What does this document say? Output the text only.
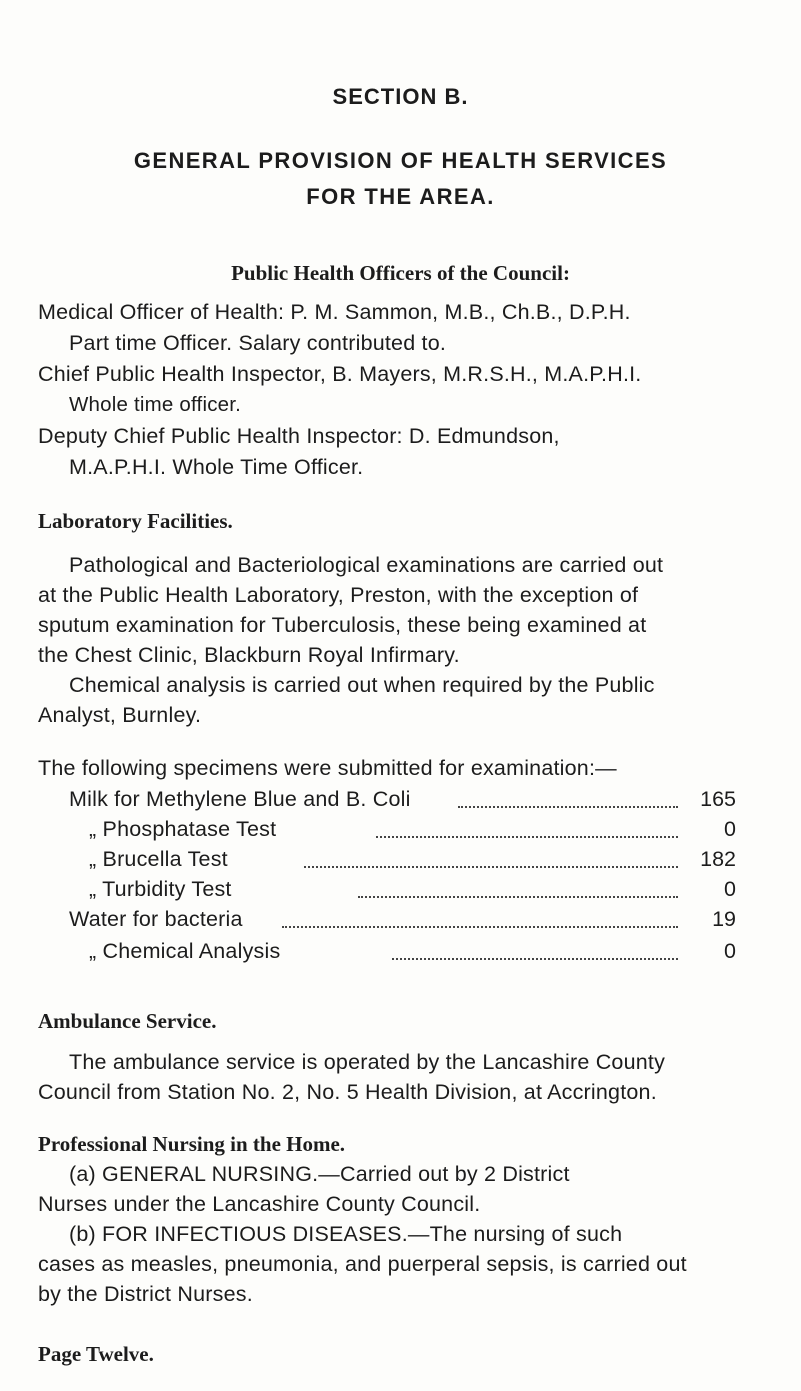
SECTION B.
GENERAL PROVISION OF HEALTH SERVICES
FOR THE AREA.
Public Health Officers of the Council:
Medical Officer of Health: P. M. Sammon, M.B., Ch.B., D.P.H.
Part time Officer. Salary contributed to.
Chief Public Health Inspector, B. Mayers, M.R.S.H., M.A.P.H.I.
Whole time officer.
Deputy Chief Public Health Inspector: D. Edmundson,
M.A.P.H.I. Whole Time Officer.
Laboratory Facilities.
Pathological and Bacteriological examinations are carried out
at the Public Health Laboratory, Preston, with the exception of
sputum examination for Tuberculosis, these being examined at
the Chest Clinic, Blackburn Royal Infirmary.
Chemical analysis is carried out when required by the Public
Analyst, Burnley.
The following specimens were submitted for examination:—
Milk for Methylene Blue and B. Coli	165
„ Phosphatase Test	0
„ Brucella Test	182
„ Turbidity Test	0
Water for bacteria	19
„ Chemical Analysis	0
Ambulance Service.
The ambulance service is operated by the Lancashire County
Council from Station No. 2, No. 5 Health Division, at Accrington.
Professional Nursing in the Home.
(a) GENERAL NURSING.—Carried out by 2 District
Nurses under the Lancashire County Council.
(b) FOR INFECTIOUS DISEASES.—The nursing of such
cases as measles, pneumonia, and puerperal sepsis, is carried out
by the District Nurses.
Page Twelve.
